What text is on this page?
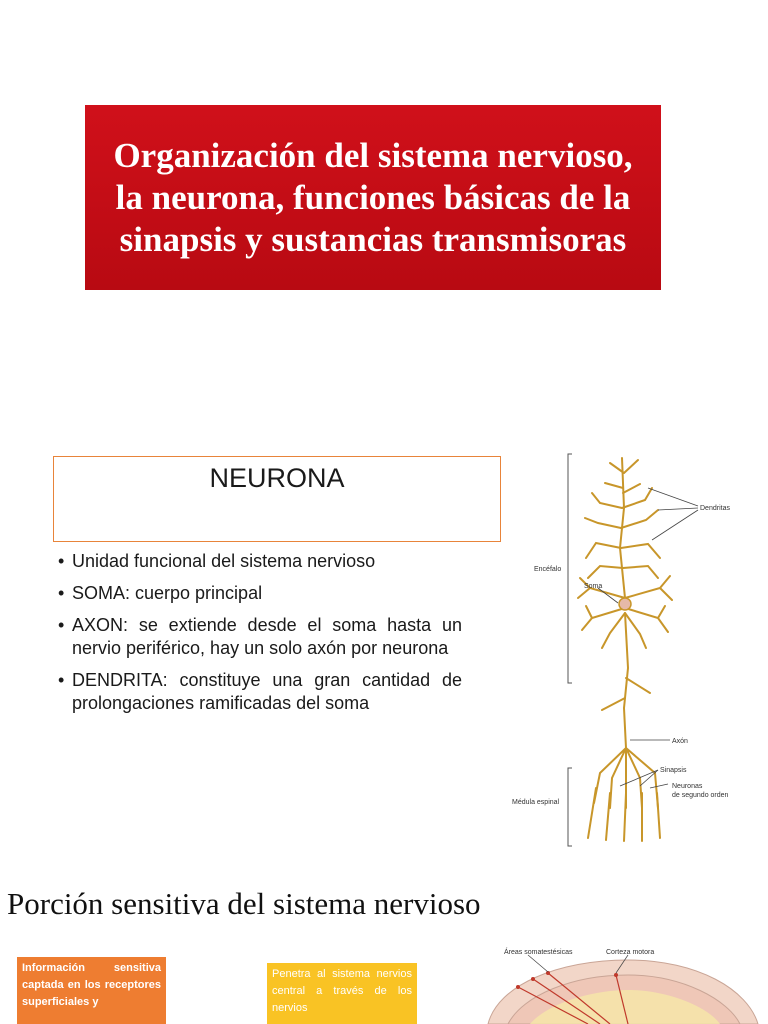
Organización del sistema nervioso, la neurona, funciones básicas de la sinapsis y sustancias transmisoras
NEURONA
• Unidad funcional del sistema nervioso
• SOMA: cuerpo principal
• AXON: se extiende desde el soma hasta un nervio periférico, hay un solo axón por neurona
• DENDRITA: constituye una gran cantidad de prolongaciones ramificadas del soma
Dendritas
Encéfalo
Soma
Axón
Sinapsis
Médula espinal
Neuronas
de segundo orden
Porción sensitiva del sistema nervioso
Información sensitiva captada en los receptores superficiales y
Penetra al sistema nervios central a través de los nervios
Áreas somatestésicas	Corteza motora
